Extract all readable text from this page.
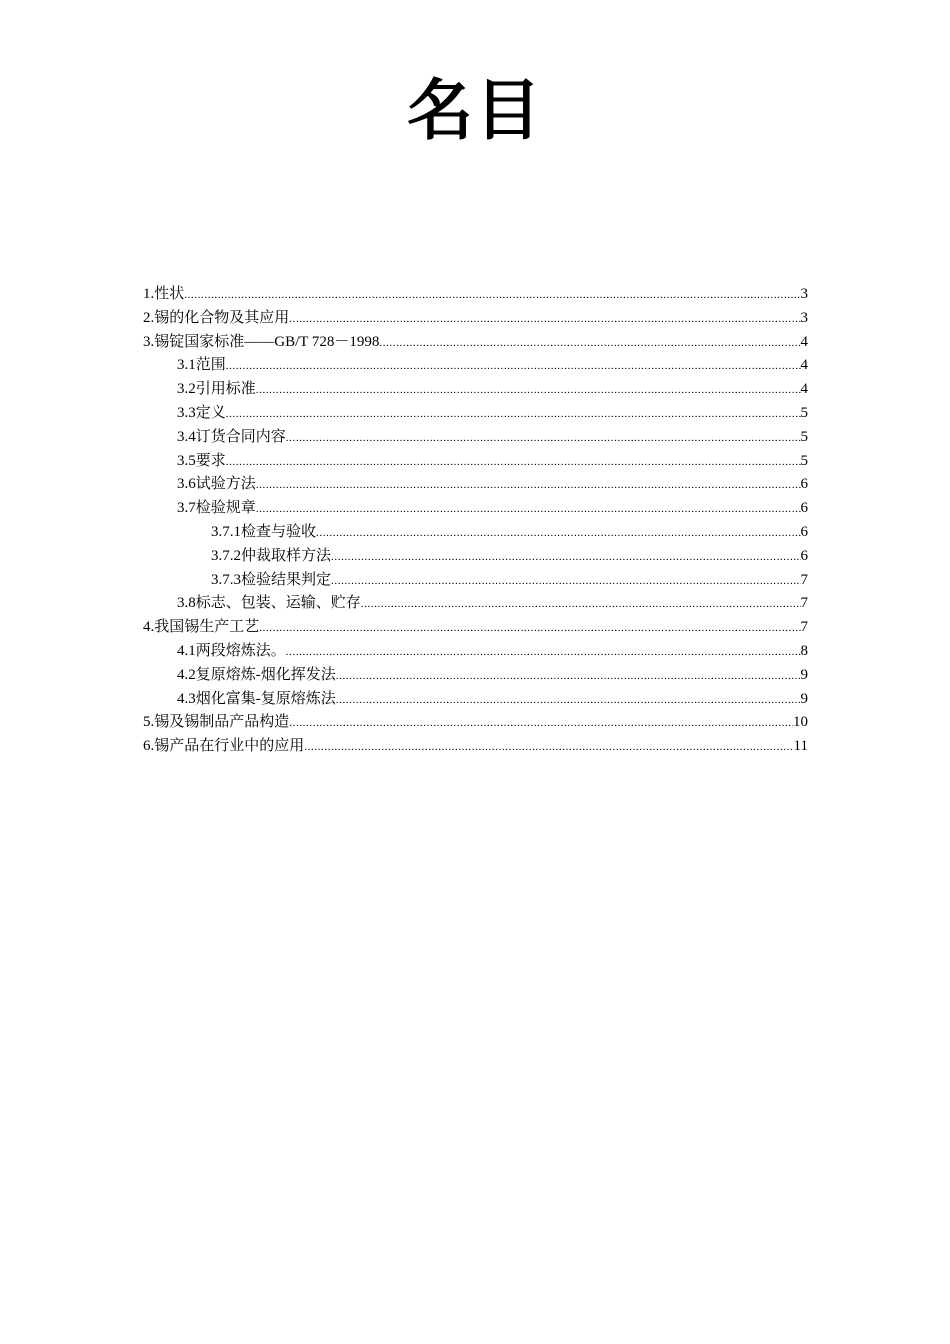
名目
1. 性状 .....	3
2. 锡的化合物及其应用 .....	3
3. 锡锭国家标准——GB/T 728－1998 .....	4
3.1 范围 .....	4
3.2 引用标准 .....	4
3.3 定义 .....	5
3.4 订货合同内容 .....	5
3.5 要求 .....	5
3.6 试验方法 .....	6
3.7 检验规章 .....	6
3.7.1 检查与验收 .....	6
3.7.2 仲裁取样方法 .....	6
3.7.3 检验结果判定 .....	7
3.8 标志、包装、运输、贮存 .....	7
4. 我国锡生产工艺 .....	7
4.1 两段熔炼法。 .....	8
4.2 复原熔炼-烟化挥发法 .....	9
4.3 烟化富集-复原熔炼法 .....	9
5. 锡及锡制品产品构造 .....	10
6. 锡产品在行业中的应用 .....	11
